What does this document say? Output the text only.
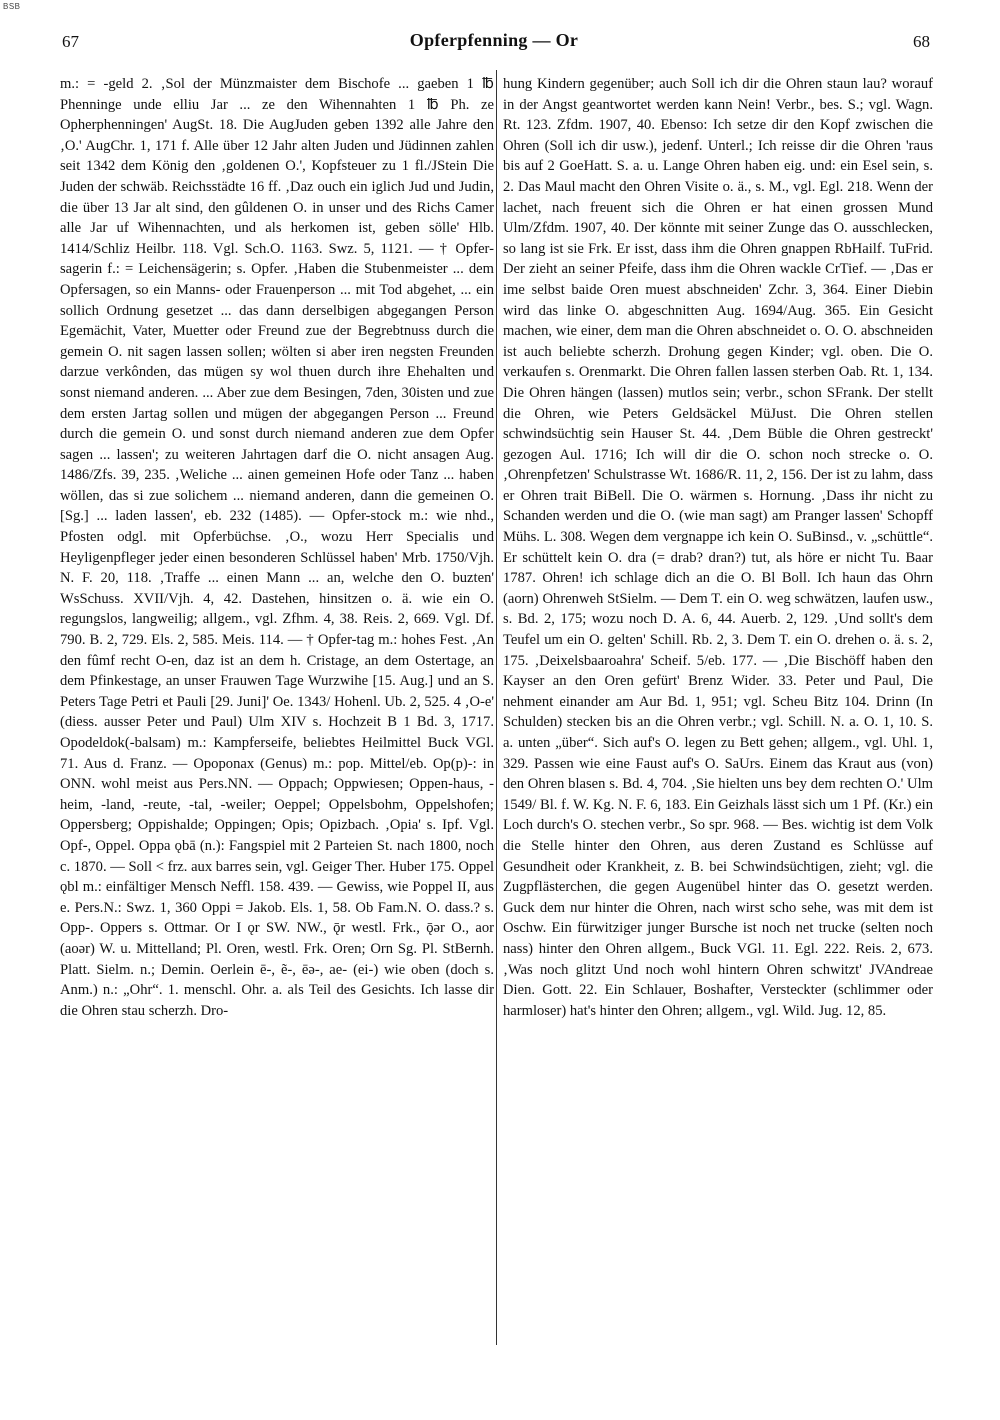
BSB
67	Opferpfenning — Or	68

m.: = -geld 2. ‚Sol der Münzmaister dem Bischofe ... gaeben 1 ℔ Phenninge unde elliu Jar ... ze den Wihennahten 1 ℔ Ph. ze Opherphenningen' AugSt. 18. Die AugJuden geben 1392 alle Jahre den ‚O.' AugChr. 1, 171 f. Alle über 12 Jahr alten Juden und Jüdinnen zahlen seit 1342 dem König den ‚goldenen O.', Kopfsteuer zu 1 fl./JStein Die Juden der schwäb. Reichsstädte 16 ff. ‚Daz ouch ein iglich Jud und Judin, die über 13 Jar alt sind, den gûldenen O. in unser und des Richs Camer alle Jar uf Wihennachten, und als herkomen ist, geben sölle' Hlb. 1414/Schliz Heilbr. 118. Vgl. Sch.O. 1163. Swz. 5, 1121. — † Opfer-sagerin f.: = Leichensägerin; s. Opfer. ‚Haben die Stubenmeister ... dem Opfersagen, so ein Manns- oder Frauenperson ... mit Tod abgehet, ... ein sollich Ordnung gesetzet ... das dann derselbigen abgegangen Person Egemächit, Vater, Muetter oder Freund zue der Begrebtnuss durch die gemein O. nit sagen lassen sollen; wölten si aber iren negsten Freunden darzue verkônden, das mügen sy wol thuen durch ihre Ehehalten und sonst niemand anderen. ... Aber zue dem Besingen, 7den, 30isten und zue dem ersten Jartag sollen und mügen der abgegangen Person ... Freund durch die gemein O. und sonst durch niemand anderen zue dem Opfer sagen ... lassen'; zu weiteren Jahrtagen darf die O. nicht ansagen Aug. 1486/Zfs. 39, 235. ‚Weliche ... ainen gemeinen Hofe oder Tanz ... haben wöllen, das si zue solichem ... niemand anderen, dann die gemeinen O. [Sg.] ... laden lassen', eb. 232 (1485). — Opfer-stock m.: wie nhd., Pfosten odgl. mit Opferbüchse. ‚O., wozu Herr Specialis und Heyligenpfleger jeder einen besonderen Schlüssel haben' Mrb. 1750/Vjh. N. F. 20, 118. ‚Traffe ... einen Mann ... an, welche den O. buzten' WsSchuss. XVII/Vjh. 4, 42. Dastehen, hinsitzen o. ä. wie ein O. regungslos, langweilig; allgem., vgl. Zfhm. 4, 38. Reis. 2, 669. Vgl. Df. 790. B. 2, 729. Els. 2, 585. Meis. 114. — † Opfer-tag m.: hohes Fest. ‚An den fûmf recht O-en, daz ist an dem h. Cristage, an dem Ostertage, an dem Pfinkestage, an unser Frauwen Tage Wurzwihe [15. Aug.] und an S. Peters Tage Petri et Pauli [29. Juni]' Oe. 1343/ Hohenl. Ub. 2, 525. 4 ‚O-e' (diess. ausser Peter und Paul) Ulm XIV s. Hochzeit B 1 Bd. 3, 1717. Opodeldok(-balsam) m.: Kampferseife, beliebtes Heilmittel Buck VGl. 71. Aus d. Franz. — Opoponax (Genus) m.: pop. Mittel/eb. Op(p)-: in ONN. wohl meist aus Pers.NN. — Oppach; Oppwiesen; Oppen-haus, -heim, -land, -reute, -tal, -weiler; Oeppel; Oppelsbohm, Oppelshofen; Oppersberg; Oppishalde; Oppingen; Opis; Opizbach. ‚Opia' s. Ipf. Vgl. Opf-, Oppel. Oppa ǫbā (n.): Fangspiel mit 2 Parteien St. nach 1800, noch c. 1870. — Soll < frz. aux barres sein, vgl. Geiger Ther. Huber 175. Oppel ǫbl m.: einfältiger Mensch Neffl. 158. 439. — Gewiss, wie Poppel II, aus e. Pers.N.: Swz. 1, 360 Oppi = Jakob. Els. 1, 58. Ob Fam.N. O. dass.? s. Opp-. Oppers s. Ottmar. Or I ǫr SW. NW., ǭr westl. Frk., ǭər O., aor (aoər) W. u. Mittelland; Pl. Oren, westl. Frk. Oren; Orn Sg. Pl. StBernh. Platt. Sielm. n.; Demin. Oerlein ē-, ẽ-, ēə-, ae- (ei-) wie oben (doch s. Anm.) n.: „Ohr“. 1. menschl. Ohr. a. als Teil des Gesichts. Ich lasse dir die Ohren stau scherzh. Dro-

hung Kindern gegenüber; auch Soll ich dir die Ohren staun lau? worauf in der Angst geantwortet werden kann Nein! Verbr., bes. S.; vgl. Wagn. Rt. 123. Zfdm. 1907, 40. Ebenso: Ich setze dir den Kopf zwischen die Ohren (Soll ich dir usw.), jedenf. Unterl.; Ich reisse dir die Ohren 'raus bis auf 2 GoeHatt. S. a. u. Lange Ohren haben eig. und: ein Esel sein, s. 2. Das Maul macht den Ohren Visite o. ä., s. M., vgl. Egl. 218. Wenn der lachet, nach freuent sich die Ohren er hat einen grossen Mund Ulm/Zfdm. 1907, 40. Der könnte mit seiner Zunge das O. ausschlecken, so lang ist sie Frk. Er isst, dass ihm die Ohren gnappen RbHailf. TuFrid. Der zieht an seiner Pfeife, dass ihm die Ohren wackle CrTief. — ‚Das er ime selbst baide Oren muest abschneiden' Zchr. 3, 364. Einer Diebin wird das linke O. abgeschnitten Aug. 1694/Aug. 365. Ein Gesicht machen, wie einer, dem man die Ohren abschneidet o. O. O. abschneiden ist auch beliebte scherzh. Drohung gegen Kinder; vgl. oben. Die O. verkaufen s. Orenmarkt. Die Ohren fallen lassen sterben Oab. Rt. 1, 134. Die Ohren hängen (lassen) mutlos sein; verbr., schon SFrank. Der stellt die Ohren, wie Peters Geldsäckel MüJust. Die Ohren stellen schwindsüchtig sein Hauser St. 44. ‚Dem Büble die Ohren gestreckt' gezogen Aul. 1716; Ich will dir die O. schon noch strecke o. O. ‚Ohrenpfetzen' Schulstrasse Wt. 1686/R. 11, 2, 156. Der ist zu lahm, dass er Ohren trait BiBell. Die O. wärmen s. Hornung. ‚Dass ihr nicht zu Schanden werden und die O. (wie man sagt) am Pranger lassen' Schopff Mühs. L. 308. Wegen dem vergnappe ich kein O. SuBinsd., v. „schüttle“. Er schüttelt kein O. dra (= drab? dran?) tut, als höre er nicht Tu. Baar 1787. Ohren! ich schlage dich an die O. Bl Boll. Ich haun das Ohrn (aorn) Ohrenweh StSielm. — Dem T. ein O. weg schwätzen, laufen usw., s. Bd. 2, 175; wozu noch D. A. 6, 44. Auerb. 2, 129. ‚Und sollt's dem Teufel um ein O. gelten' Schill. Rb. 2, 3. Dem T. ein O. drehen o. ä. s. 2, 175. ‚Deixelsbaaroahra' Scheif. 5/eb. 177. — ‚Die Bischöff haben den Kayser an den Oren gefürt' Brenz Wider. 33. Peter und Paul, Die nehment einander am Aur Bd. 1, 951; vgl. Scheu Bitz 104. Drinn (In Schulden) stecken bis an die Ohren verbr.; vgl. Schill. N. a. O. 1, 10. S. a. unten „über“. Sich auf's O. legen zu Bett gehen; allgem., vgl. Uhl. 1, 329. Passen wie eine Faust auf's O. SaUrs. Einem das Kraut aus (von) den Ohren blasen s. Bd. 4, 704. ‚Sie hielten uns bey dem rechten O.' Ulm 1549/ Bl. f. W. Kg. N. F. 6, 183. Ein Geizhals lässt sich um 1 Pf. (Kr.) ein Loch durch's O. stechen verbr., So spr. 968. — Bes. wichtig ist dem Volk die Stelle hinter den Ohren, aus deren Zustand es Schlüsse auf Gesundheit oder Krankheit, z. B. bei Schwindsüchtigen, zieht; vgl. die Zugpflästerchen, die gegen Augenübel hinter das O. gesetzt werden. Guck dem nur hinter die Ohren, nach wirst scho sehe, was mit dem ist Oschw. Ein fürwitziger junger Bursche ist noch net trucke (selten noch nass) hinter den Ohren allgem., Buck VGl. 11. Egl. 222. Reis. 2, 673. ‚Was noch glitzt Und noch wohl hintern Ohren schwitzt' JVAndreae Dien. Gott. 22. Ein Schlauer, Boshafter, Versteckter (schlimmer oder harmloser) hat's hinter den Ohren; allgem., vgl. Wild. Jug. 12, 85.
